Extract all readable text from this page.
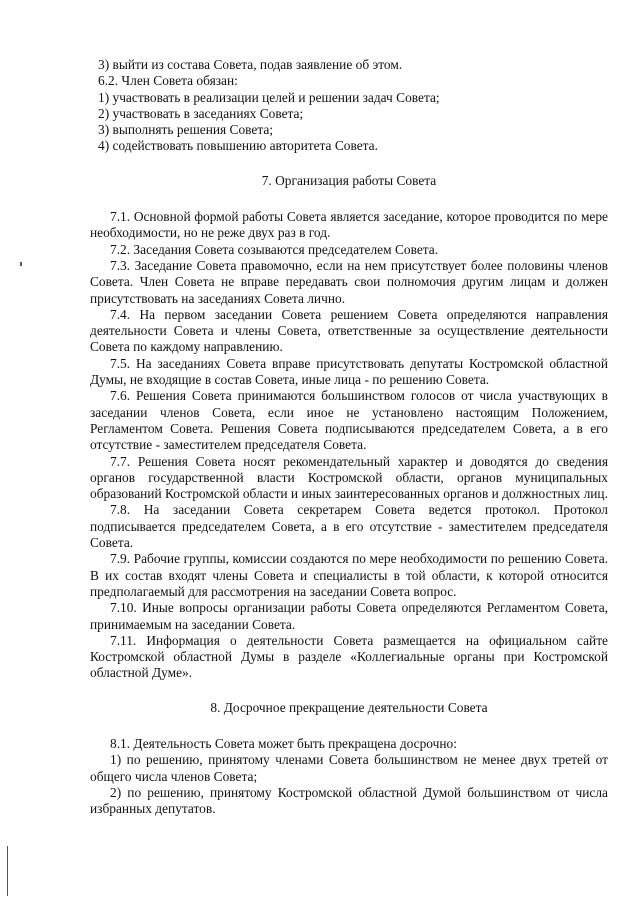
3) выйти из состава Совета, подав заявление об этом.
6.2. Член Совета обязан:
1) участвовать в реализации целей и решении задач Совета;
2) участвовать в заседаниях Совета;
3) выполнять решения Совета;
4) содействовать повышению авторитета Совета.
7. Организация работы Совета
7.1. Основной формой работы Совета является заседание, которое проводится по мере необходимости, но не реже двух раз в год.
7.2. Заседания Совета созываются председателем Совета.
7.3. Заседание Совета правомочно, если на нем присутствует более половины членов Совета. Член Совета не вправе передавать свои полномочия другим лицам и должен присутствовать на заседаниях Совета лично.
7.4. На первом заседании Совета решением Совета определяются направления деятельности Совета и члены Совета, ответственные за осуществление деятельности Совета по каждому направлению.
7.5. На заседаниях Совета вправе присутствовать депутаты Костромской областной Думы, не входящие в состав Совета, иные лица - по решению Совета.
7.6. Решения Совета принимаются большинством голосов от числа участвующих в заседании членов Совета, если иное не установлено настоящим Положением, Регламентом Совета. Решения Совета подписываются председателем Совета, а в его отсутствие - заместителем председателя Совета.
7.7. Решения Совета носят рекомендательный характер и доводятся до сведения органов государственной власти Костромской области, органов муниципальных образований Костромской области и иных заинтересованных органов и должностных лиц.
7.8. На заседании Совета секретарем Совета ведется протокол. Протокол подписывается председателем Совета, а в его отсутствие - заместителем председателя Совета.
7.9. Рабочие группы, комиссии создаются по мере необходимости по решению Совета. В их состав входят члены Совета и специалисты в той области, к которой относится предполагаемый для рассмотрения на заседании Совета вопрос.
7.10. Иные вопросы организации работы Совета определяются Регламентом Совета, принимаемым на заседании Совета.
7.11. Информация о деятельности Совета размещается на официальном сайте Костромской областной Думы в разделе «Коллегиальные органы при Костромской областной Думе».
8. Досрочное прекращение деятельности Совета
8.1. Деятельность Совета может быть прекращена досрочно:
1) по решению, принятому членами Совета большинством не менее двух третей от общего числа членов Совета;
2) по решению, принятому Костромской областной Думой большинством от числа избранных депутатов.
